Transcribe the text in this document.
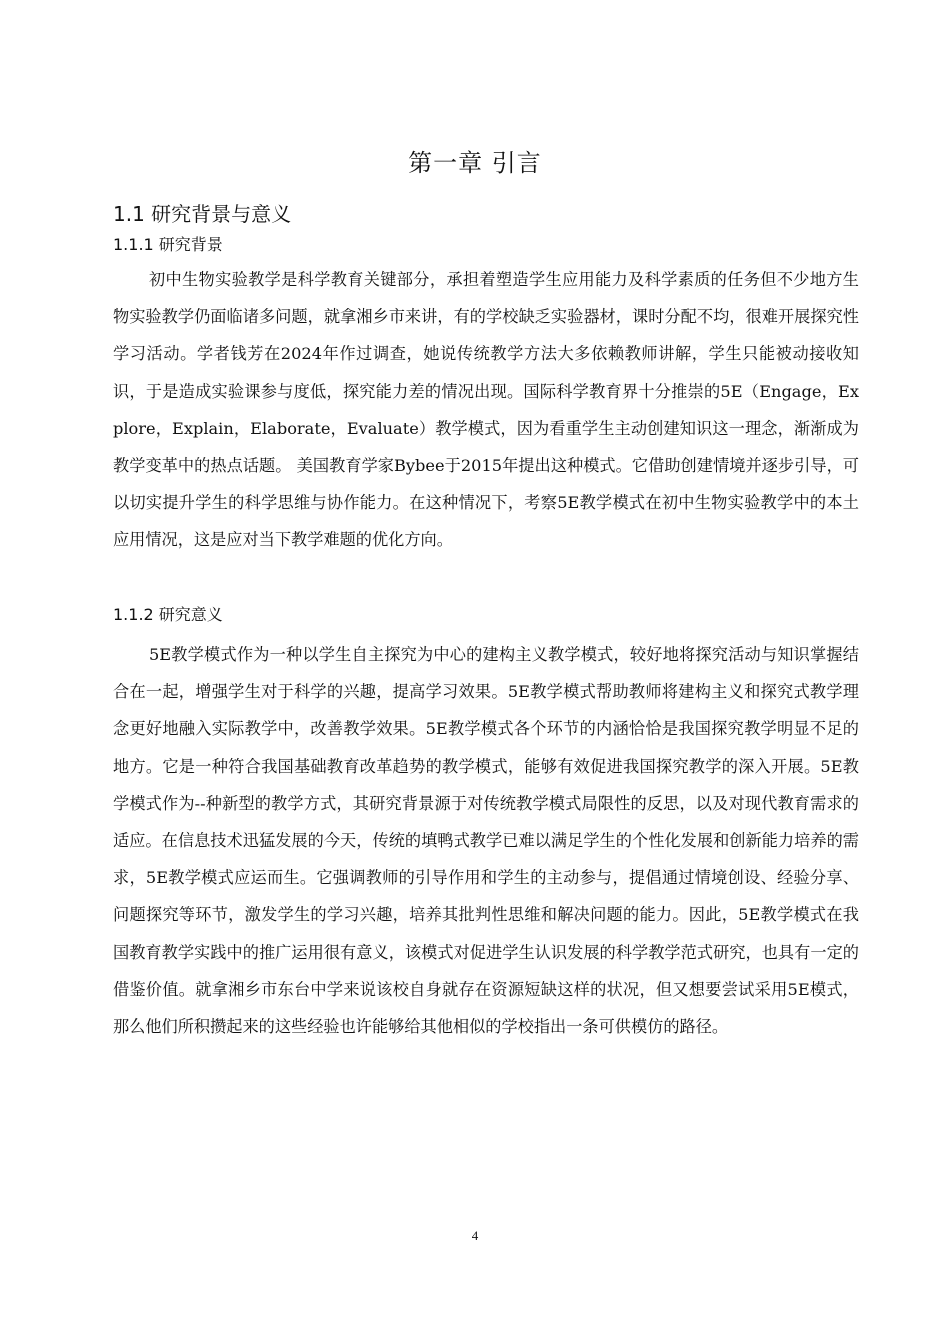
第一章 引言
1.1 研究背景与意义
1.1.1 研究背景

初中生物实验教学是科学教育关键部分，承担着塑造学生应用能力及科学素质的任务但不少地方生物实验教学仍面临诸多问题，就拿湘乡市来讲，有的学校缺乏实验器材，课时分配不均，很难开展探究性学习活动。学者钱芳在2024年作过调查，她说传统教学方法大多依赖教师讲解，学生只能被动接收知识，于是造成实验课参与度低，探究能力差的情况出现。国际科学教育界十分推崇的5E（Engage，Explore，Explain，Elaborate，Evaluate）教学模式，因为看重学生主动创建知识这一理念，渐渐成为教学变革中的热点话题。 美国教育学家Bybee于2015年提出这种模式。它借助创建情境并逐步引导，可以切实提升学生的科学思维与协作能力。在这种情况下，考察5E教学模式在初中生物实验教学中的本土应用情况，这是应对当下教学难题的优化方向。

1.1.2 研究意义

5E教学模式作为一种以学生自主探究为中心的建构主义教学模式，较好地将探究活动与知识掌握结合在一起，增强学生对于科学的兴趣，提高学习效果。5E教学模式帮助教师将建构主义和探究式教学理念更好地融入实际教学中，改善教学效果。5E教学模式各个环节的内涵恰恰是我国探究教学明显不足的地方。它是一种符合我国基础教育改革趋势的教学模式，能够有效促进我国探究教学的深入开展。5E教学模式作为--种新型的教学方式，其研究背景源于对传统教学模式局限性的反思，以及对现代教育需求的适应。在信息技术迅猛发展的今天，传统的填鸭式教学已难以满足学生的个性化发展和创新能力培养的需求，5E教学模式应运而生。它强调教师的引导作用和学生的主动参与，提倡通过情境创设、经验分享、问题探究等环节，激发学生的学习兴趣，培养其批判性思维和解决问题的能力。因此，5E教学模式在我国教育教学实践中的推广运用很有意义，该模式对促进学生认识发展的科学教学范式研究，也具有一定的借鉴价值。就拿湘乡市东台中学来说该校自身就存在资源短缺这样的状况，但又想要尝试采用5E模式，那么他们所积攒起来的这些经验也许能够给其他相似的学校指出一条可供模仿的路径。

4
